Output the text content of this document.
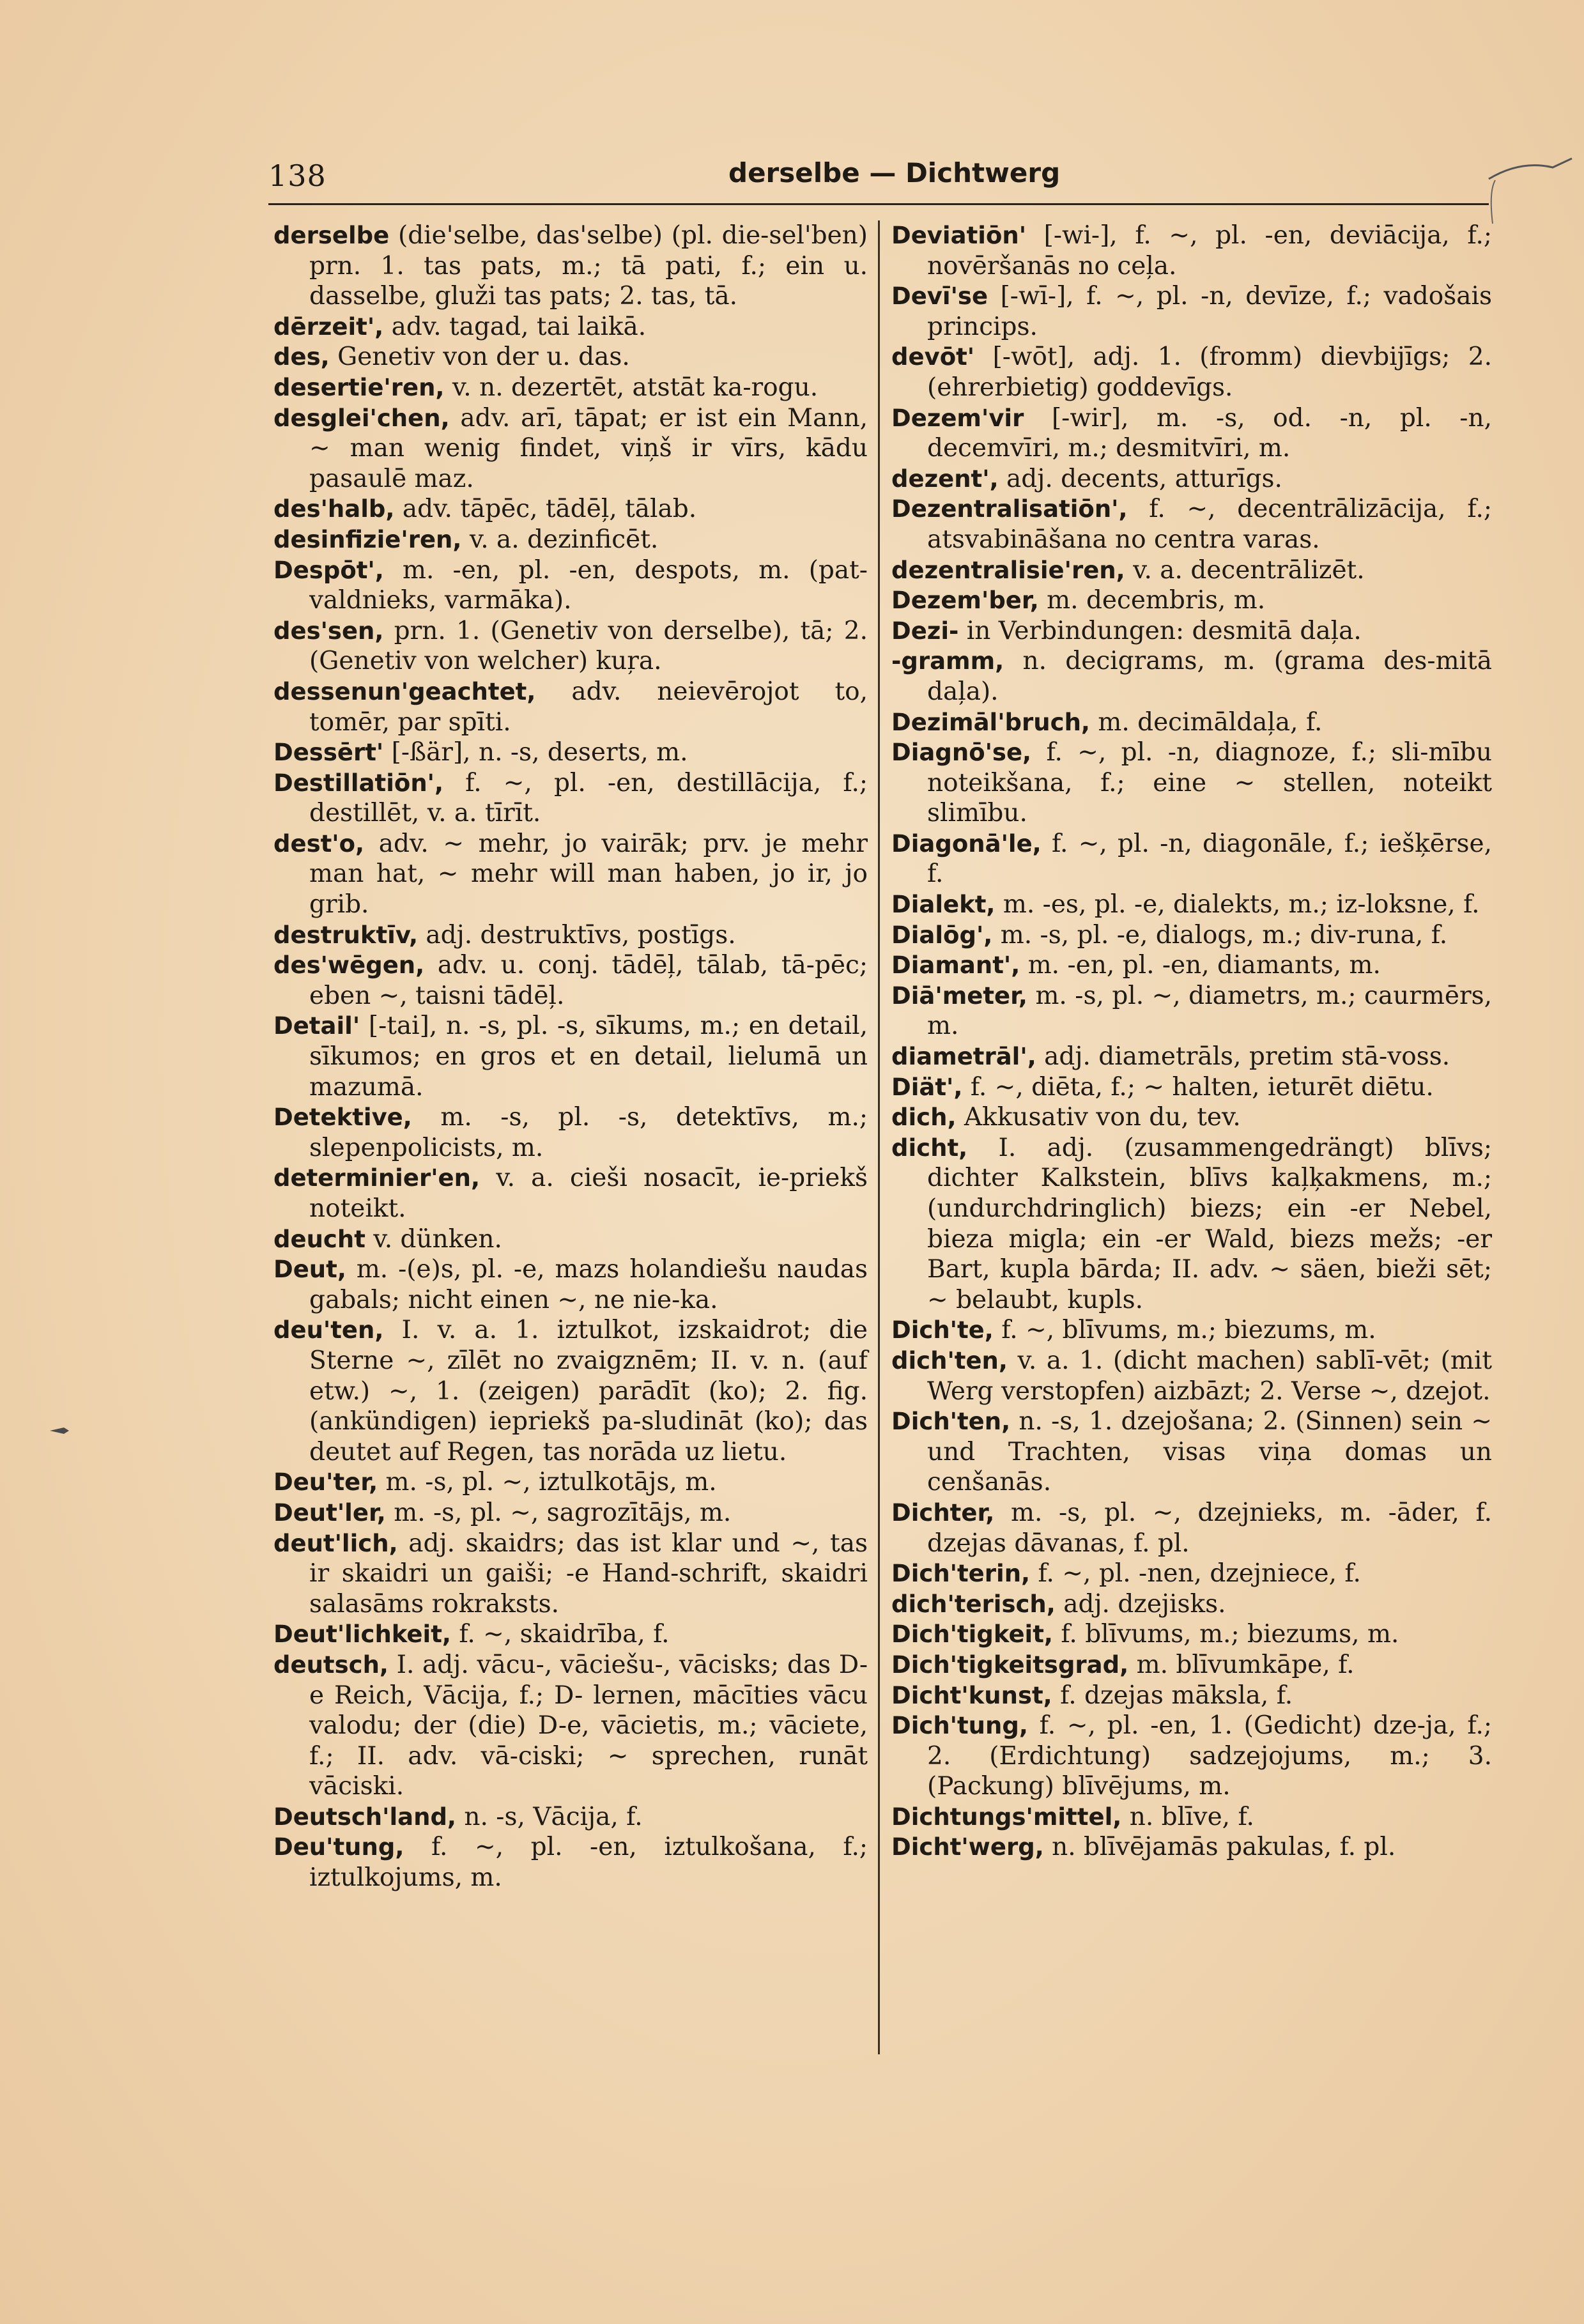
138	derselbe — Dichtwerg

derselbe (die'selbe, das'selbe) (pl. die-sel'ben) prn. 1. tas pats, m.; tā pati, f.; ein u. dasselbe, gluži tas pats; 2. tas, tā.

dērzeit', adv. tagad, tai laikā.

des, Genetiv von der u. das.

desertie'ren, v. n. dezertēt, atstāt ka-rogu.

desglei'chen, adv. arī, tāpat; er ist ein Mann, ~ man wenig findet, viņš ir vīrs, kādu pasaulē maz.

des'halb, adv. tāpēc, tādēļ, tālab.

desinfizie'ren, v. a. dezinficēt.

Despōt', m. -en, pl. -en, despots, m. (pat-valdnieks, varmāka).

des'sen, prn. 1. (Genetiv von derselbe), tā; 2. (Genetiv von welcher) kuŗa.

dessenun'geachtet, adv. neievērojot to, tomēr, par spīti.

Dessērt' [-ßär], n. -s, deserts, m.

Destillatiōn', f. ~, pl. -en, destillācija, f.; destillēt, v. a. tīrīt.

dest'o, adv. ~ mehr, jo vairāk; prv. je mehr man hat, ~ mehr will man haben, jo ir, jo grib.

destruktīv, adj. destruktīvs, postīgs.

des'wēgen, adv. u. conj. tādēļ, tālab, tā-pēc; eben ~, taisni tādēļ.

Detail' [-tai], n. -s, pl. -s, sīkums, m.; en detail, sīkumos; en gros et en detail, lielumā un mazumā.

Detektive, m. -s, pl. -s, detektīvs, m.; slepenpolicists, m.

determinier'en, v. a. cieši nosacīt, ie-priekš noteikt.

deucht v. dünken.

Deut, m. -(e)s, pl. -e, mazs holandiešu naudas gabals; nicht einen ~, ne nie-ka.

deu'ten, I. v. a. 1. iztulkot, izskaidrot; die Sterne ~, zīlēt no zvaigznēm; II. v. n. (auf etw.) ~, 1. (zeigen) parādīt (ko); 2. fig. (ankündigen) iepriekš pa-sludināt (ko); das deutet auf Regen, tas norāda uz lietu.

Deu'ter, m. -s, pl. ~, iztulkotājs, m.

Deut'ler, m. -s, pl. ~, sagrozītājs, m.

deut'lich, adj. skaidrs; das ist klar und ~, tas ir skaidri un gaiši; -e Hand-schrift, skaidri salasāms rokraksts.

Deut'lichkeit, f. ~, skaidrība, f.

deutsch, I. adj. vācu-, vāciešu-, vācisks; das D-e Reich, Vācija, f.; D- lernen, mācīties vācu valodu; der (die) D-e, vācietis, m.; vāciete, f.; II. adv. vā-ciski; ~ sprechen, runāt vāciski.

Deutsch'land, n. -s, Vācija, f.

Deu'tung, f. ~, pl. -en, iztulkošana, f.; iztulkojums, m.

Deviatiōn' [-wi-], f. ~, pl. -en, deviācija, f.; novēršanās no ceļa.

Devī'se [-wī-], f. ~, pl. -n, devīze, f.; vadošais princips.

devōt' [-wōt], adj. 1. (fromm) dievbijīgs; 2. (ehrerbietig) goddevīgs.

Dezem'vir [-wir], m. -s, od. -n, pl. -n, decemvīri, m.; desmitvīri, m.

dezent', adj. decents, atturīgs.

Dezentralisatiōn', f. ~, decentrālizācija, f.; atsvabināšana no centra varas.

dezentralisie'ren, v. a. decentrālizēt.

Dezem'ber, m. decembris, m.

Dezi- in Verbindungen: desmitā daļa.

-gramm, n. decigrams, m. (grama des-mitā daļa).

Dezimāl'bruch, m. decimāldaļa, f.

Diagnō'se, f. ~, pl. -n, diagnoze, f.; sli-mību noteikšana, f.; eine ~ stellen, noteikt slimību.

Diagonā'le, f. ~, pl. -n, diagonāle, f.; iešķērse, f.

Dialekt, m. -es, pl. -e, dialekts, m.; iz-loksne, f.

Dialōg', m. -s, pl. -e, dialogs, m.; div-runa, f.

Diamant', m. -en, pl. -en, diamants, m.

Diā'meter, m. -s, pl. ~, diametrs, m.; caurmērs, m.

diametrāl', adj. diametrāls, pretim stā-voss.

Diät', f. ~, diēta, f.; ~ halten, ieturēt diētu.

dich, Akkusativ von du, tev.

dicht, I. adj. (zusammengedrängt) blīvs; dichter Kalkstein, blīvs kaļķakmens, m.; (undurchdringlich) biezs; ein -er Nebel, bieza migla; ein -er Wald, biezs mežs; -er Bart, kupla bārda; II. adv. ~ säen, bieži sēt; ~ belaubt, kupls.

Dich'te, f. ~, blīvums, m.; biezums, m.

dich'ten, v. a. 1. (dicht machen) sablī-vēt; (mit Werg verstopfen) aizbāzt; 2. Verse ~, dzejot.

Dich'ten, n. -s, 1. dzejošana; 2. (Sinnen) sein ~ und Trachten, visas viņa domas un cenšanās.

Dichter, m. -s, pl. ~, dzejnieks, m. -āder, f. dzejas dāvanas, f. pl.

Dich'terin, f. ~, pl. -nen, dzejniece, f.

dich'terisch, adj. dzejisks.

Dich'tigkeit, f. blīvums, m.; biezums, m.

Dich'tigkeitsgrad, m. blīvumkāpe, f.

Dicht'kunst, f. dzejas māksla, f.

Dich'tung, f. ~, pl. -en, 1. (Gedicht) dze-ja, f.; 2. (Erdichtung) sadzejojums, m.; 3. (Packung) blīvējums, m.

Dichtungs'mittel, n. blīve, f.

Dicht'werg, n. blīvējamās pakulas, f. pl.
